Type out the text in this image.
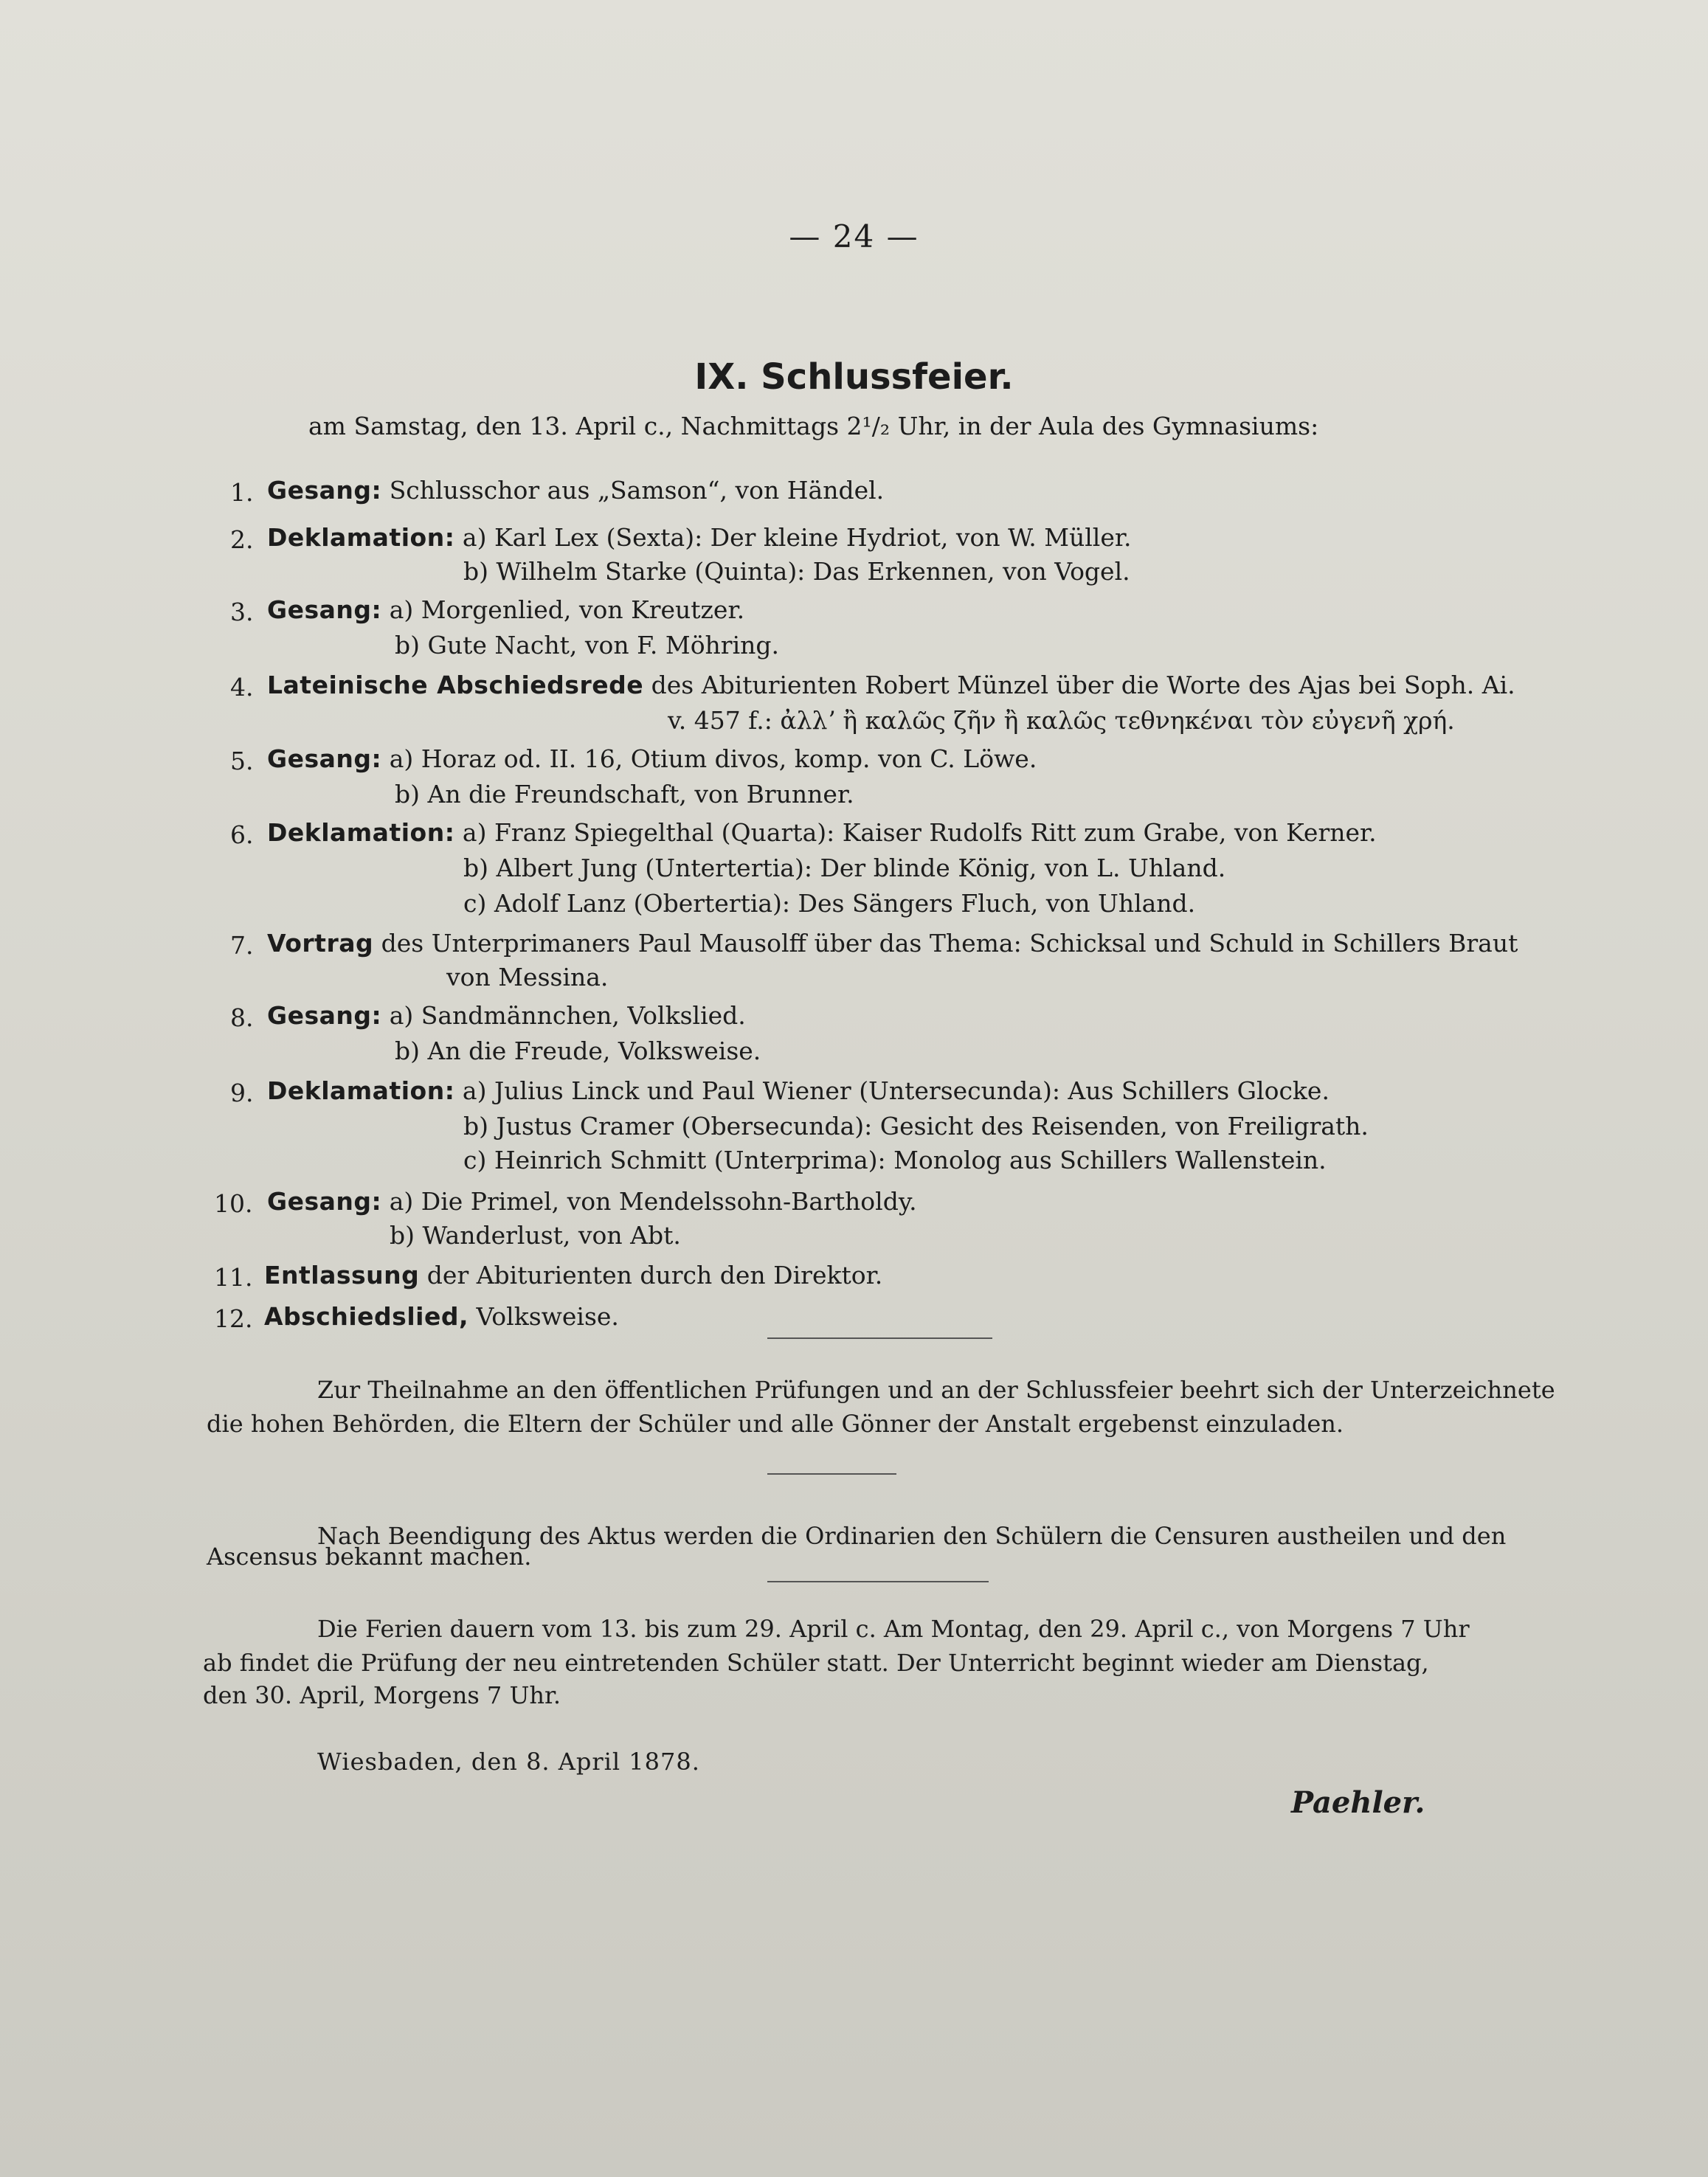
— 24 —
IX. Schlussfeier.
am Samstag, den 13. April c., Nachmittags 2¹/₂ Uhr, in der Aula des Gymnasiums:
1. Gesang: Schlusschor aus „Samson“, von Händel.
2. Deklamation: a) Karl Lex (Sexta): Der kleine Hydriot, von W. Müller.
b) Wilhelm Starke (Quinta): Das Erkennen, von Vogel.
3. Gesang: a) Morgenlied, von Kreutzer.
b) Gute Nacht, von F. Möhring.
4. Lateinische Abschiedsrede des Abiturienten Robert Münzel über die Worte des Ajas bei Soph. Ai.
v. 457 f.: ἀλλʼ ἢ καλῶς ζῆν ἢ καλῶς τεθνηκέναι τὸν εὐγενῆ χρή.
5. Gesang: a) Horaz od. II. 16, Otium divos, komp. von C. Löwe.
b) An die Freundschaft, von Brunner.
6. Deklamation: a) Franz Spiegelthal (Quarta): Kaiser Rudolfs Ritt zum Grabe, von Kerner.
b) Albert Jung (Untertertia): Der blinde König, von L. Uhland.
c) Adolf Lanz (Obertertia): Des Sängers Fluch, von Uhland.
7. Vortrag des Unterprimaners Paul Mausolff über das Thema: Schicksal und Schuld in Schillers Braut
von Messina.
8. Gesang: a) Sandmännchen, Volkslied.
b) An die Freude, Volksweise.
9. Deklamation: a) Julius Linck und Paul Wiener (Untersecunda): Aus Schillers Glocke.
b) Justus Cramer (Obersecunda): Gesicht des Reisenden, von Freiligrath.
c) Heinrich Schmitt (Unterprima): Monolog aus Schillers Wallenstein.
10. Gesang: a) Die Primel, von Mendelssohn-Bartholdy.
b) Wanderlust, von Abt.
11. Entlassung der Abiturienten durch den Direktor.
12. Abschiedslied, Volksweise.
Zur Theilnahme an den öffentlichen Prüfungen und an der Schlussfeier beehrt sich der Unterzeichnete
die hohen Behörden, die Eltern der Schüler und alle Gönner der Anstalt ergebenst einzuladen.
Nach Beendigung des Aktus werden die Ordinarien den Schülern die Censuren austheilen und den
Ascensus bekannt machen.
Die Ferien dauern vom 13. bis zum 29. April c. Am Montag, den 29. April c., von Morgens 7 Uhr
ab findet die Prüfung der neu eintretenden Schüler statt. Der Unterricht beginnt wieder am Dienstag,
den 30. April, Morgens 7 Uhr.
Wiesbaden, den 8. April 1878.
Paehler.
